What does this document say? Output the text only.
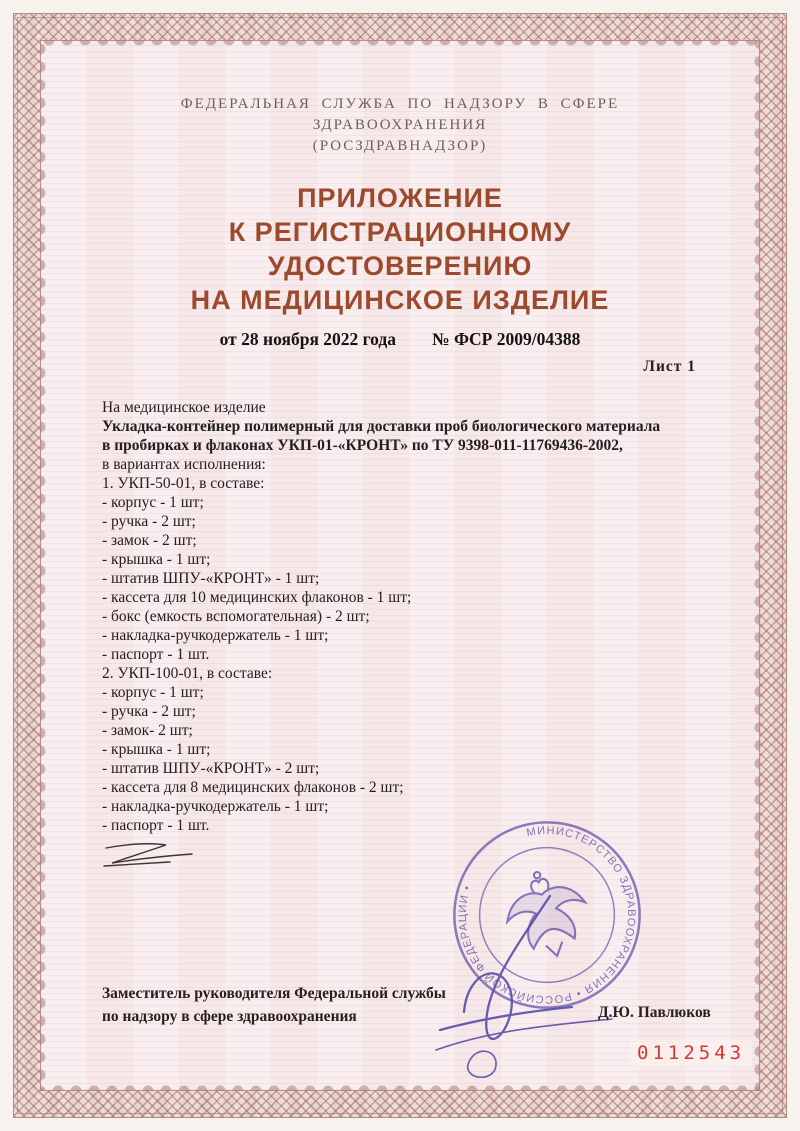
ФЕДЕРАЛЬНАЯ СЛУЖБА ПО НАДЗОРУ В СФЕРЕ ЗДРАВООХРАНЕНИЯ
(РОСЗДРАВНАДЗОР)
ПРИЛОЖЕНИЕ
К РЕГИСТРАЦИОННОМУ УДОСТОВЕРЕНИЮ
НА МЕДИЦИНСКОЕ ИЗДЕЛИЕ
от 28 ноября 2022 года № ФСР 2009/04388
Лист 1
На медицинское изделие
Укладка-контейнер полимерный для доставки проб биологического материала
в пробирках и флаконах УКП-01-«КРОНТ» по ТУ 9398-011-11769436-2002,
в вариантах исполнения:
1. УКП-50-01, в составе:
- корпус - 1 шт;
- ручка - 2 шт;
- замок - 2 шт;
- крышка - 1 шт;
- штатив ШПУ-«КРОНТ» - 1 шт;
- кассета для 10 медицинских флаконов - 1 шт;
- бокс (емкость вспомогательная) - 2 шт;
- накладка-ручкодержатель - 1 шт;
- паспорт - 1 шт.
2. УКП-100-01, в составе:
- корпус - 1 шт;
- ручка - 2 шт;
- замок- 2 шт;
- крышка - 1 шт;
- штатив ШПУ-«КРОНТ» - 2 шт;
- кассета для 8 медицинских флаконов - 2 шт;
- накладка-ручкодержатель - 1 шт;
- паспорт - 1 шт.	МИНИСТЕРСТВО ЗДРАВООХРАНЕНИЯ • РОССИЙСКОЙ ФЕДЕРАЦИИ •
Заместитель руководителя Федеральной службы
по надзору в сфере здравоохранения	Д.Ю. Павлюков
0112543
